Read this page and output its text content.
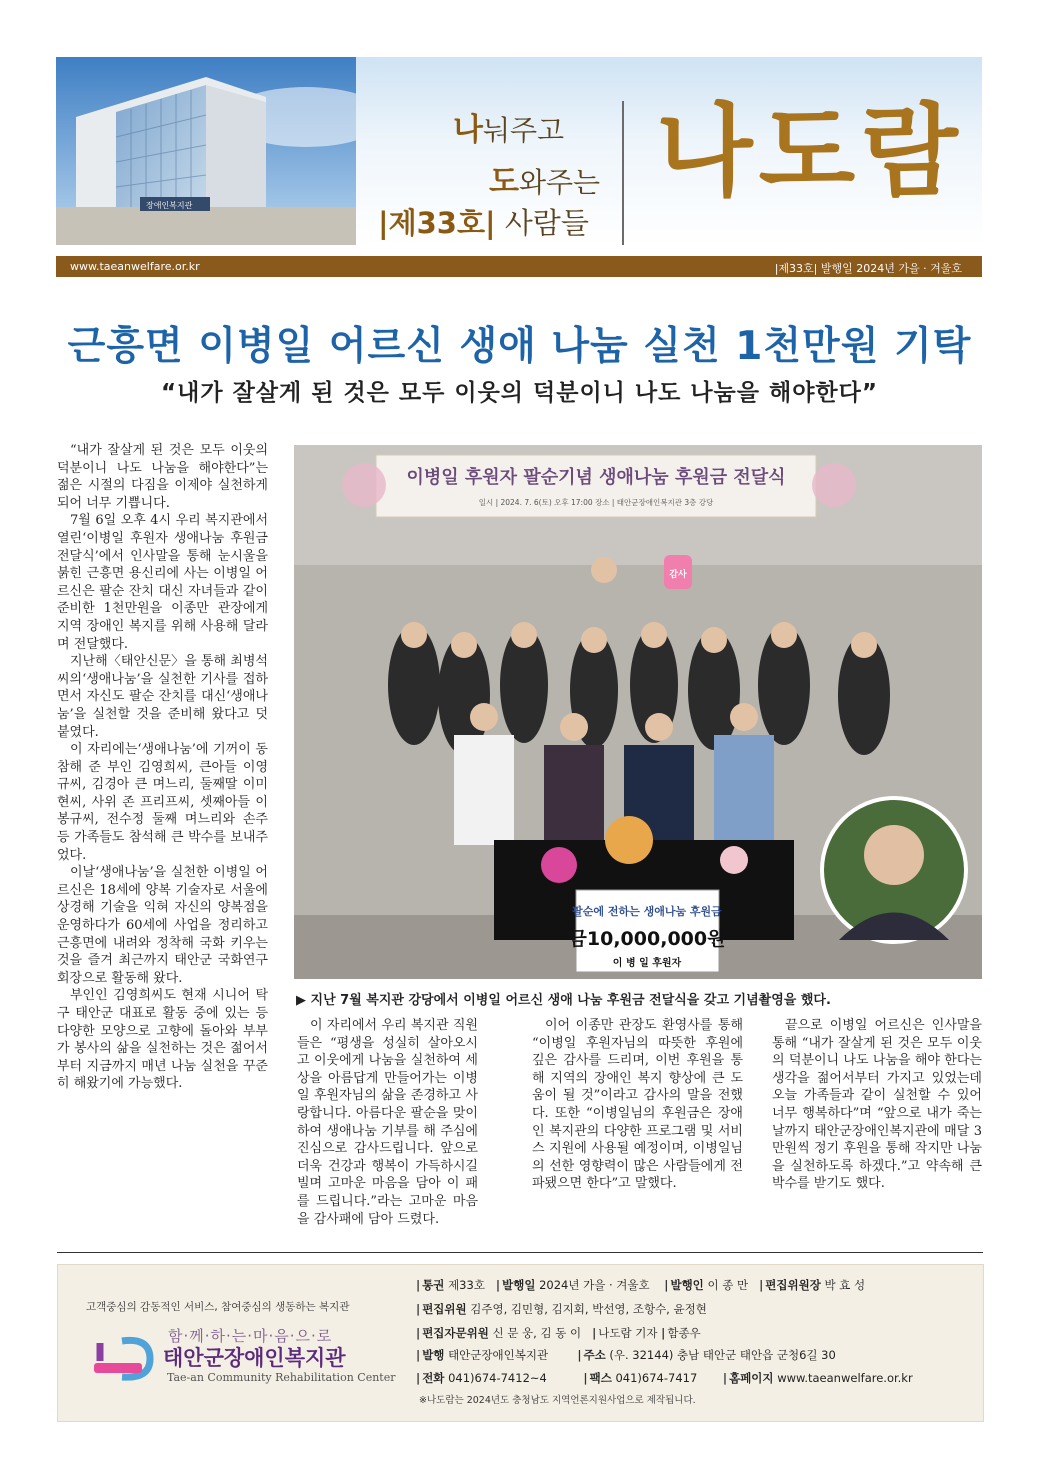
장애인복지관
나눠주고
도와주는
|제33호| 사람들
나도람
www.taeanwelfare.or.kr	|제33호| 발행일 2024년 가을 · 겨울호
근흥면 이병일 어르신 생애 나눔 실천 1천만원 기탁
“내가 잘살게 된 것은 모두 이웃의 덕분이니 나도 나눔을 해야한다”

“내가 잘살게 된 것은 모두 이웃의 덕분이니 나도 나눔을 해야한다”는 젊은 시절의 다짐을 이제야 실천하게 되어 너무 기쁩니다.

7월 6일 오후 4시 우리 복지관에서 열린‘이병일 후원자 생애나눔 후원금 전달식’에서 인사말을 통해 눈시울을 붉힌 근흥면 용신리에 사는 이병일 어르신은 팔순 잔치 대신 자녀들과 같이 준비한 1천만원을 이종만 관장에게 지역 장애인 복지를 위해 사용해 달라며 전달했다.

지난해〈태안신문〉을 통해 최병석씨의‘생애나눔’을 실천한 기사를 접하면서 자신도 팔순 잔치를 대신‘생애나눔’을 실천할 것을 준비해 왔다고 덧붙였다.

이 자리에는‘생애나눔’에 기꺼이 동참해 준 부인 김영희씨, 큰아들 이영규씨, 김경아 큰 며느리, 둘째딸 이미현씨, 사위 존 프리프씨, 셋째아들 이봉규씨, 전수정 둘째 며느리와 손주 등 가족들도 참석해 큰 박수를 보내주었다.

이날‘생애나눔’을 실천한 이병일 어르신은 18세에 양복 기술자로 서울에 상경해 기술을 익혀 자신의 양복점을 운영하다가 60세에 사업을 정리하고 근흥면에 내려와 정착해 국화 키우는 것을 즐겨 최근까지 태안군 국화연구회장으로 활동해 왔다.

부인인 김영희씨도 현재 시니어 탁구 태안군 대표로 활동 중에 있는 등 다양한 모양으로 고향에 돌아와 부부가 봉사의 삶을 실천하는 것은 젊어서부터 지금까지 매년 나눔 실천을 꾸준히 해왔기에 가능했다.

이병일 후원자 팔순기념 생애나눔 후원금 전달식
일시 | 2024. 7. 6(토) 오후 17:00 장소 | 태안군장애인복지관 3층 강당
팔순에 전하는 생애나눔 후원금
금10,000,000원
이 병 일 후원자
감사
▶ 지난 7월 복지관 강당에서 이병일 어르신 생애 나눔 후원금 전달식을 갖고 기념촬영을 했다.

이 자리에서 우리 복지관 직원들은 “평생을 성실히 살아오시고 이웃에게 나눔을 실천하여 세상을 아름답게 만들어가는 이병일 후원자님의 삶을 존경하고 사랑합니다. 아름다운 팔순을 맞이하여 생애나눔 기부를 해 주심에 진심으로 감사드립니다. 앞으로 더욱 건강과 행복이 가득하시길 빌며 고마운 마음을 담아 이 패를 드립니다.”라는 고마운 마음을 감사패에 담아 드렸다.

이어 이종만 관장도 환영사를 통해 “이병일 후원자님의 따뜻한 후원에 깊은 감사를 드리며, 이번 후원을 통해 지역의 장애인 복지 향상에 큰 도움이 될 것”이라고 감사의 말을 전했다. 또한 “이병일님의 후원금은 장애인 복지관의 다양한 프로그램 및 서비스 지원에 사용될 예정이며, 이병일님의 선한 영향력이 많은 사람들에게 전파됐으면 한다”고 말했다.

끝으로 이병일 어르신은 인사말을 통해 “내가 잘살게 된 것은 모두 이웃의 덕분이니 나도 나눔을 해야 한다는 생각을 젊어서부터 가지고 있었는데 오늘 가족들과 같이 실천할 수 있어 너무 행복하다”며 “앞으로 내가 죽는 날까지 태안군장애인복지관에 매달 3만원씩 정기 후원을 통해 작지만 나눔을 실천하도록 하겠다.”고 약속해 큰 박수를 받기도 했다.

고객중심의 감동적인 서비스, 참여중심의 생동하는 복지관
함·께·하·는·마·음·으·로
태안군장애인복지관
Tae-an Community Rehabilitation Center
| 통권 제33호 | 발행일 2024년 가을 · 겨울호 | 발행인 이 종 만 | 편집위원장 박 효 성
| 편집위원 김주영, 김민형, 김지회, 박선영, 조항수, 윤정현
| 편집자문위원 신 문 웅, 김 동 이 | 나도람 기자 | 함종우
| 발행 태안군장애인복지관	| 주소 (우. 32144) 충남 태안군 태안읍 군청6길 30
| 전화 041)674-7412~4	| 팩스 041)674-7417 | 홈페이지 www.taeanwelfare.or.kr
※나도람는 2024년도 충청남도 지역언론지원사업으로 제작됩니다.
